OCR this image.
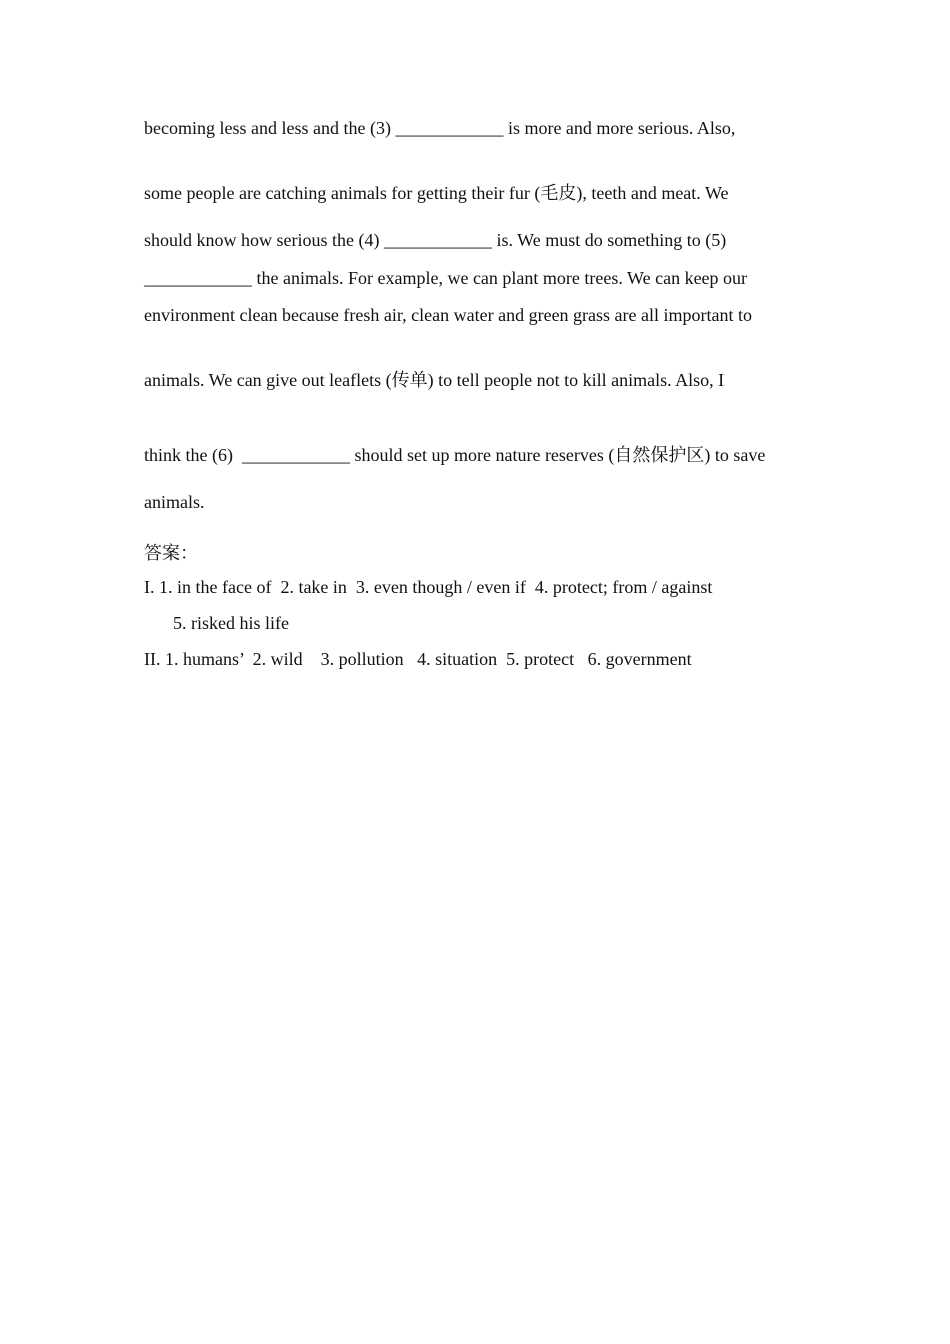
becoming less and less and the (3) ____________ is more and more serious. Also,
some people are catching animals for getting their fur (毛皮), teeth and meat. We
should know how serious the (4) ____________ is. We must do something to (5)
____________ the animals. For example, we can plant more trees. We can keep our
environment clean because fresh air, clean water and green grass are all important to
animals. We can give out leaflets (传单) to tell people not to kill animals. Also, I
think the (6)  ____________ should set up more nature reserves (自然保护区) to save
animals.
答案：
I. 1. in the face of  2. take in  3. even though / even if  4. protect; from / against
5. risked his life
II. 1. humans’  2. wild    3. pollution   4. situation  5. protect   6. government
